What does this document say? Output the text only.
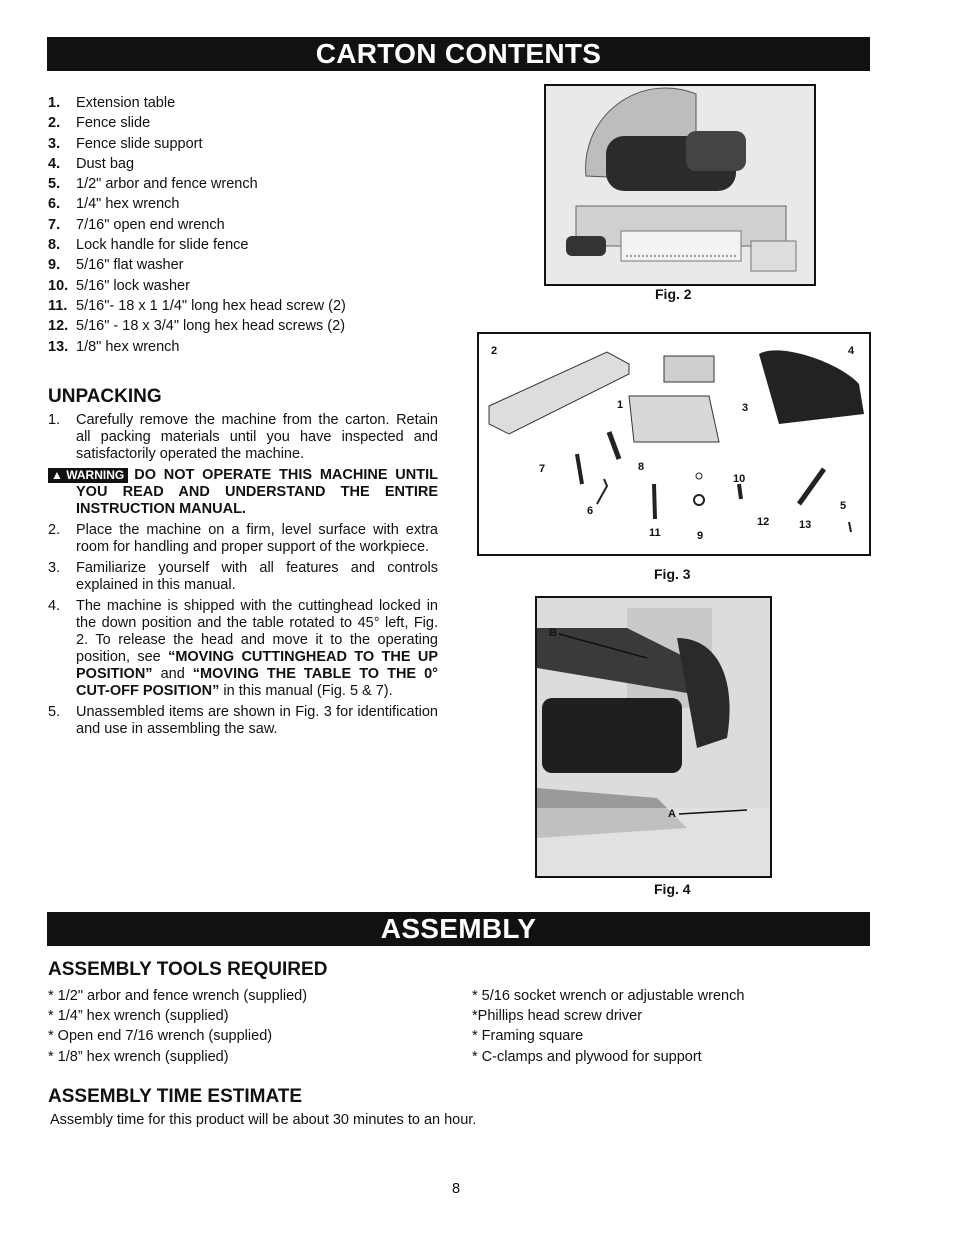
CARTON CONTENTS
ASSEMBLY
1. Extension table
2. Fence slide
3. Fence slide support
4. Dust bag
5. 1/2" arbor and fence wrench
6. 1/4" hex wrench
7. 7/16" open end wrench
8. Lock handle for slide fence
9. 5/16" flat washer
10. 5/16" lock washer
11. 5/16"- 18 x 1 1/4" long hex head screw (2)
12. 5/16" - 18 x 3/4" long hex head screws (2)
13. 1/8" hex wrench
UNPACKING
1. Carefully remove the machine from the carton. Retain all packing materials until you have inspected and satisfactorily operated the machine.
▲ WARNING DO NOT OPERATE THIS MACHINE UNTIL YOU READ AND UNDERSTAND THE ENTIRE INSTRUCTION MANUAL.
2. Place the machine on a firm, level surface with extra room for handling and proper support of the workpiece.
3. Familiarize yourself with all features and controls explained in this manual.
4. The machine is shipped with the cuttinghead locked in the down position and the table rotated to 45° left, Fig. 2. To release the head and move it to the operating position, see “MOVING CUTTINGHEAD TO THE UP POSITION” and “MOVING THE TABLE TO THE 0° CUT-OFF POSITION” in this manual (Fig. 5 & 7).
5. Unassembled items are shown in Fig. 3 for identification and use in assembling the saw.
Fig. 2
2
1	3
4
5
6
7	8
9
10
11
12	13
Fig. 3
B
A
Fig. 4
ASSEMBLY TOOLS REQUIRED
* 1/2" arbor and fence wrench (supplied)
* 1/4” hex wrench (supplied)
* Open end 7/16 wrench (supplied)
* 1/8” hex wrench (supplied)
* 5/16 socket wrench or adjustable wrench
*Phillips head screw driver
* Framing square
* C-clamps and plywood for support
ASSEMBLY TIME ESTIMATE
Assembly time for this product will be about 30 minutes to an hour.
8
